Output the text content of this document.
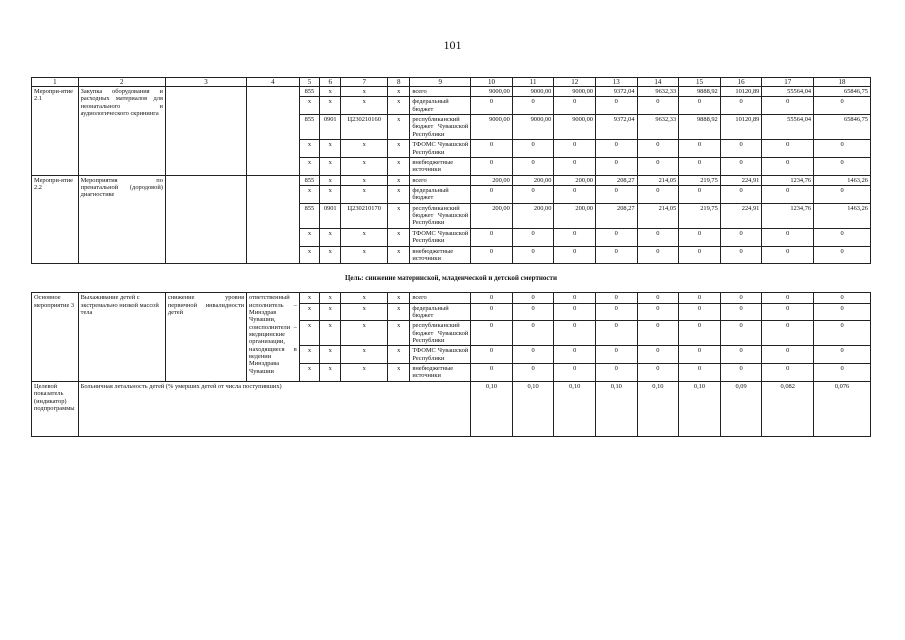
101
1	2	3	4	5	6	7	8	9	10	11	12	13	14	15	16	17	18
Меропри-ятие 2.1	Закупка оборудования и расходных материалов для неонатального и аудиологического скрининга			855	х	х	х	всего	9000,00	9000,00	9000,00	9372,04	9632,33	9888,92	10120,89	55564,04	65846,75
				х	х	х	х	федеральный бюджет	0	0	0	0	0	0	0	0	0
				855	0901	Ц230210160	х	республиканский бюджет Чувашской Республики	9000,00	9000,00	9000,00	9372,04	9632,33	9888,92	10120,89	55564,04	65846,75
				х	х	х	х	ТФОМС Чувашской Республики	0	0	0	0	0	0	0	0	0
				х	х	х	х	внебюджетные источники	0	0	0	0	0	0	0	0	0
Меропри-ятие 2.2	Мероприятия по пренатальной (дородовой) диагностике			855	х	х	х	всего	200,00	200,00	200,00	208,27	214,05	219,75	224,91	1234,76	1463,26
				х	х	х	х	федеральный бюджет	0	0	0	0	0	0	0	0	0
				855	0901	Ц230210170	х	республиканский бюджет Чувашской Республики	200,00	200,00	200,00	208,27	214,05	219,75	224,91	1234,76	1463,26
				х	х	х	х	ТФОМС Чувашской Республики	0	0	0	0	0	0	0	0	0
				х	х	х	х	внебюджетные источники	0	0	0	0	0	0	0	0	0
Цель: снижение материнской, младенческой и детской смертности																	
Основное мероприятие 3	Выхаживание детей с экстремально низкой массой тела	снижение уровня первичной инвалидности детей	ответственный исполнитель – Минздрав Чувашии, соисполнители – медицинские организации, находящиеся в ведении Минздрава Чувашии	х	х	х	х	всего	0	0	0	0	0	0	0	0	0
				х	х	х	х	федеральный бюджет	0	0	0	0	0	0	0	0	0
				х	х	х	х	республиканский бюджет Чувашской Республики	0	0	0	0	0	0	0	0	0
				х	х	х	х	ТФОМС Чувашской Республики	0	0	0	0	0	0	0	0	0
				х	х	х	х	внебюджетные источники	0	0	0	0	0	0	0	0	0
Целевой показатель (индикатор) подпрограммы	Больничная летальность детей (% умерших детей от числа поступивших)								0,10	0,10	0,10	0,10	0,10	0,10	0,09	0,082	0,076
